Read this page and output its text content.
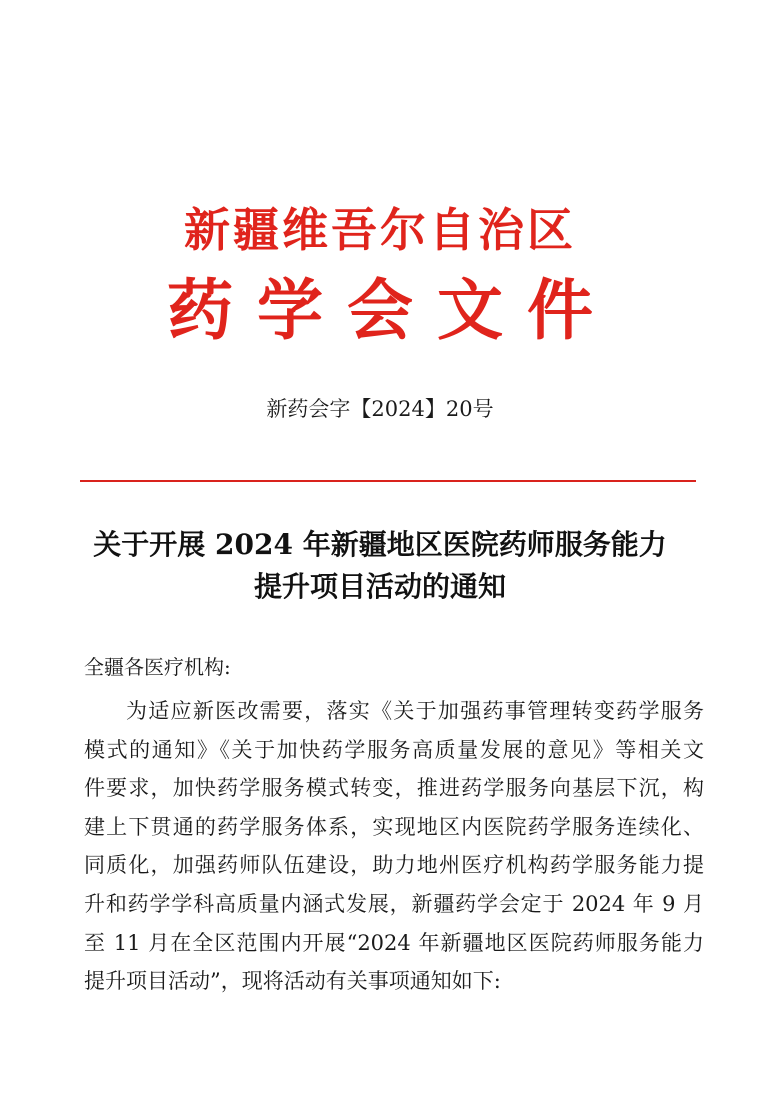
新疆维吾尔自治区
药学会文件
新药会字【2024】20号
关于开展 2024 年新疆地区医院药师服务能力
提升项目活动的通知
全疆各医疗机构:
为适应新医改需要，落实《关于加强药事管理转变药学服务
模式的通知》《关于加快药学服务高质量发展的意见》等相关文
件要求，加快药学服务模式转变，推进药学服务向基层下沉，构
建上下贯通的药学服务体系，实现地区内医院药学服务连续化、
同质化，加强药师队伍建设，助力地州医疗机构药学服务能力提
升和药学学科高质量内涵式发展，新疆药学会定于 2024 年 9 月
至 11 月在全区范围内开展“2024 年新疆地区医院药师服务能力
提升项目活动”，现将活动有关事项通知如下:
